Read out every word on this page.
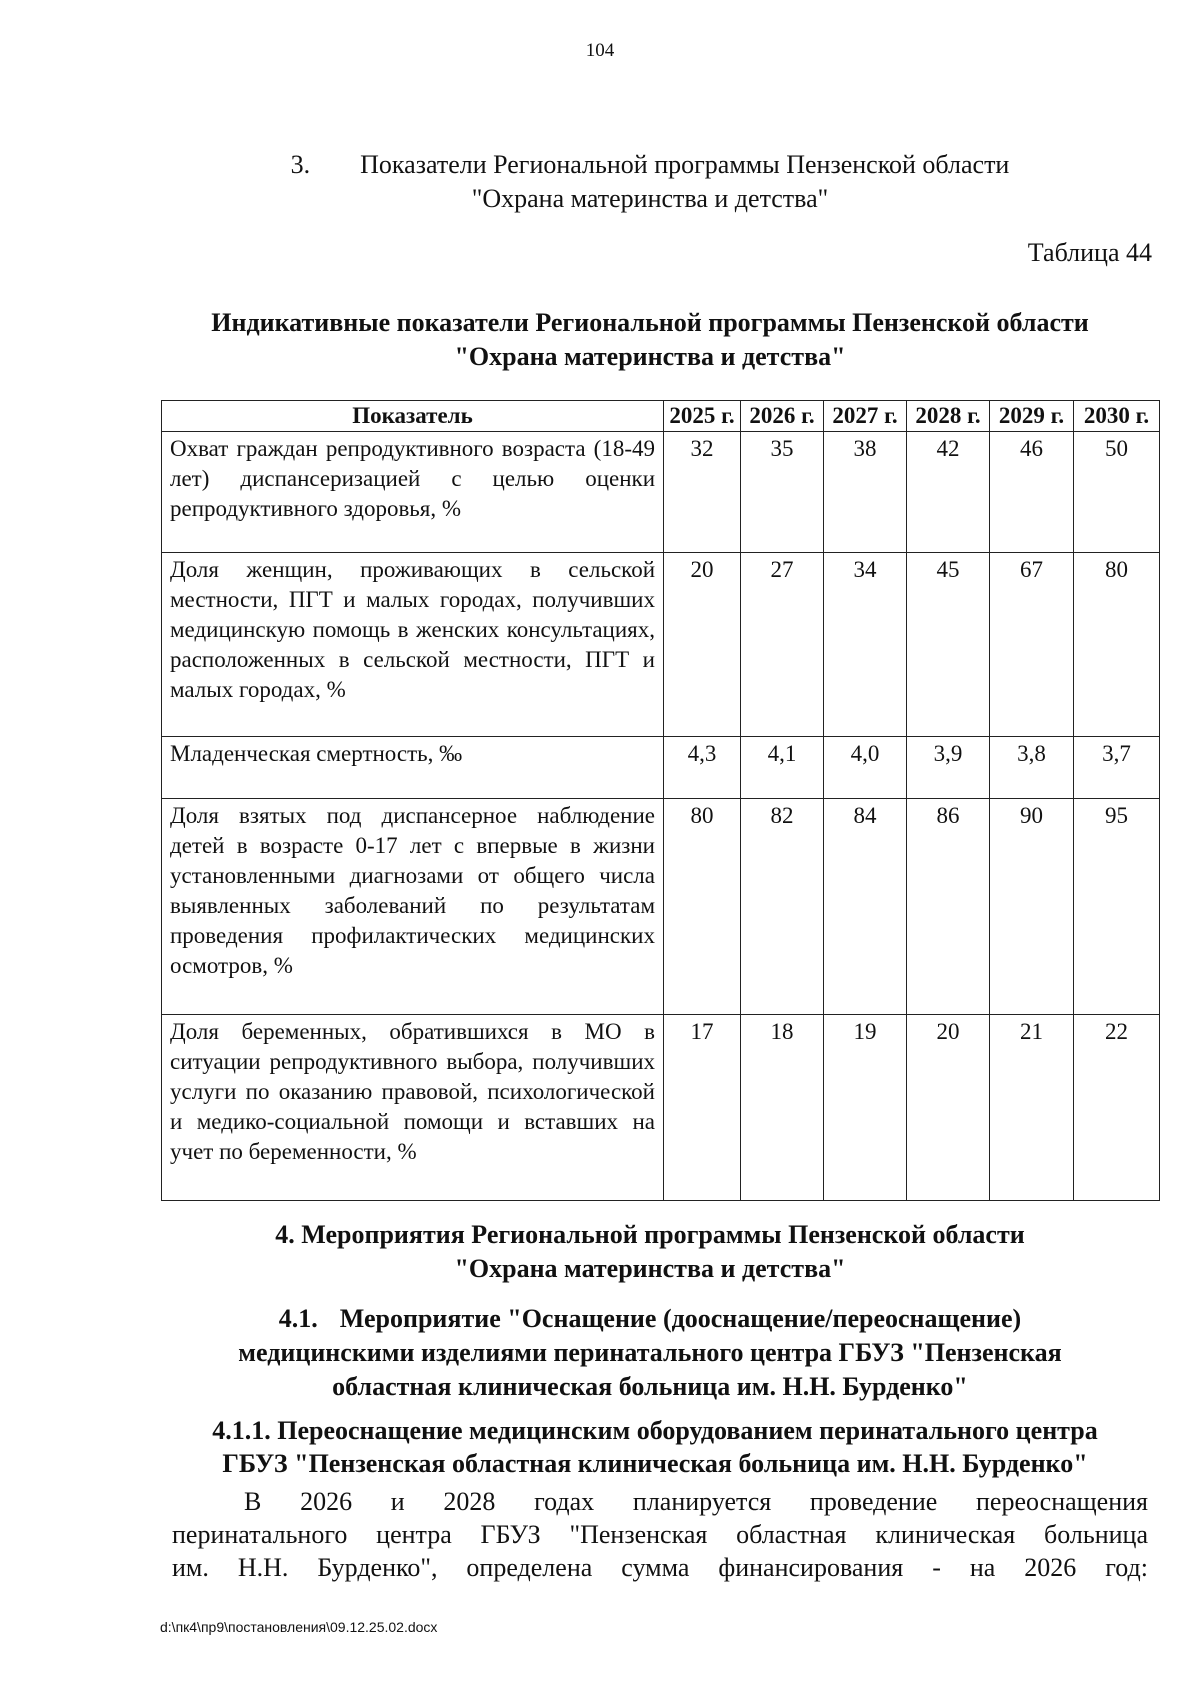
104
3. Показатели Региональной программы Пензенской области
"Охрана материнства и детства"
Таблица 44
Индикативные показатели Региональной программы Пензенской области
"Охрана материнства и детства"
Показатель	2025 г.	2026 г.	2027 г.	2028 г.	2029 г.	2030 г.
Охват граждан репродуктивного возраста (18-49 лет) диспансеризацией с целью оценки репродуктивного здоровья, %	32	35	38	42	46	50
Доля женщин, проживающих в сельской местности, ПГТ и малых городах, получивших медицинскую помощь в женских консультациях, расположенных в сельской местности, ПГТ и малых городах, %	20	27	34	45	67	80
Младенческая смертность, ‰	4,3	4,1	4,0	3,9	3,8	3,7
Доля взятых под диспансерное наблюдение детей в возрасте 0-17 лет с впервые в жизни установленными диагнозами от общего числа выявленных заболеваний по результатам проведения профилактических медицинских осмотров, %	80	82	84	86	90	95
Доля беременных, обратившихся в МО в ситуации репродуктивного выбора, получивших услуги по оказанию правовой, психологической и медико-социальной помощи и вставших на учет по беременности, %	17	18	19	20	21	22
4. Мероприятия Региональной программы Пензенской области
"Охрана материнства и детства"
4.1. Мероприятие "Оснащение (дооснащение/переоснащение)
медицинскими изделиями перинатального центра ГБУЗ "Пензенская
областная клиническая больница им. Н.Н. Бурденко"
4.1.1. Переоснащение медицинским оборудованием перинатального центра
ГБУЗ "Пензенская областная клиническая больница им. Н.Н. Бурденко"
В 2026 и 2028 годах планируется проведение переоснащения
перинатального центра ГБУЗ "Пензенская областная клиническая больница
им. Н.Н. Бурденко", определена сумма финансирования - на 2026 год:
d:\пк4\пр9\постановления\09.12.25.02.docx
